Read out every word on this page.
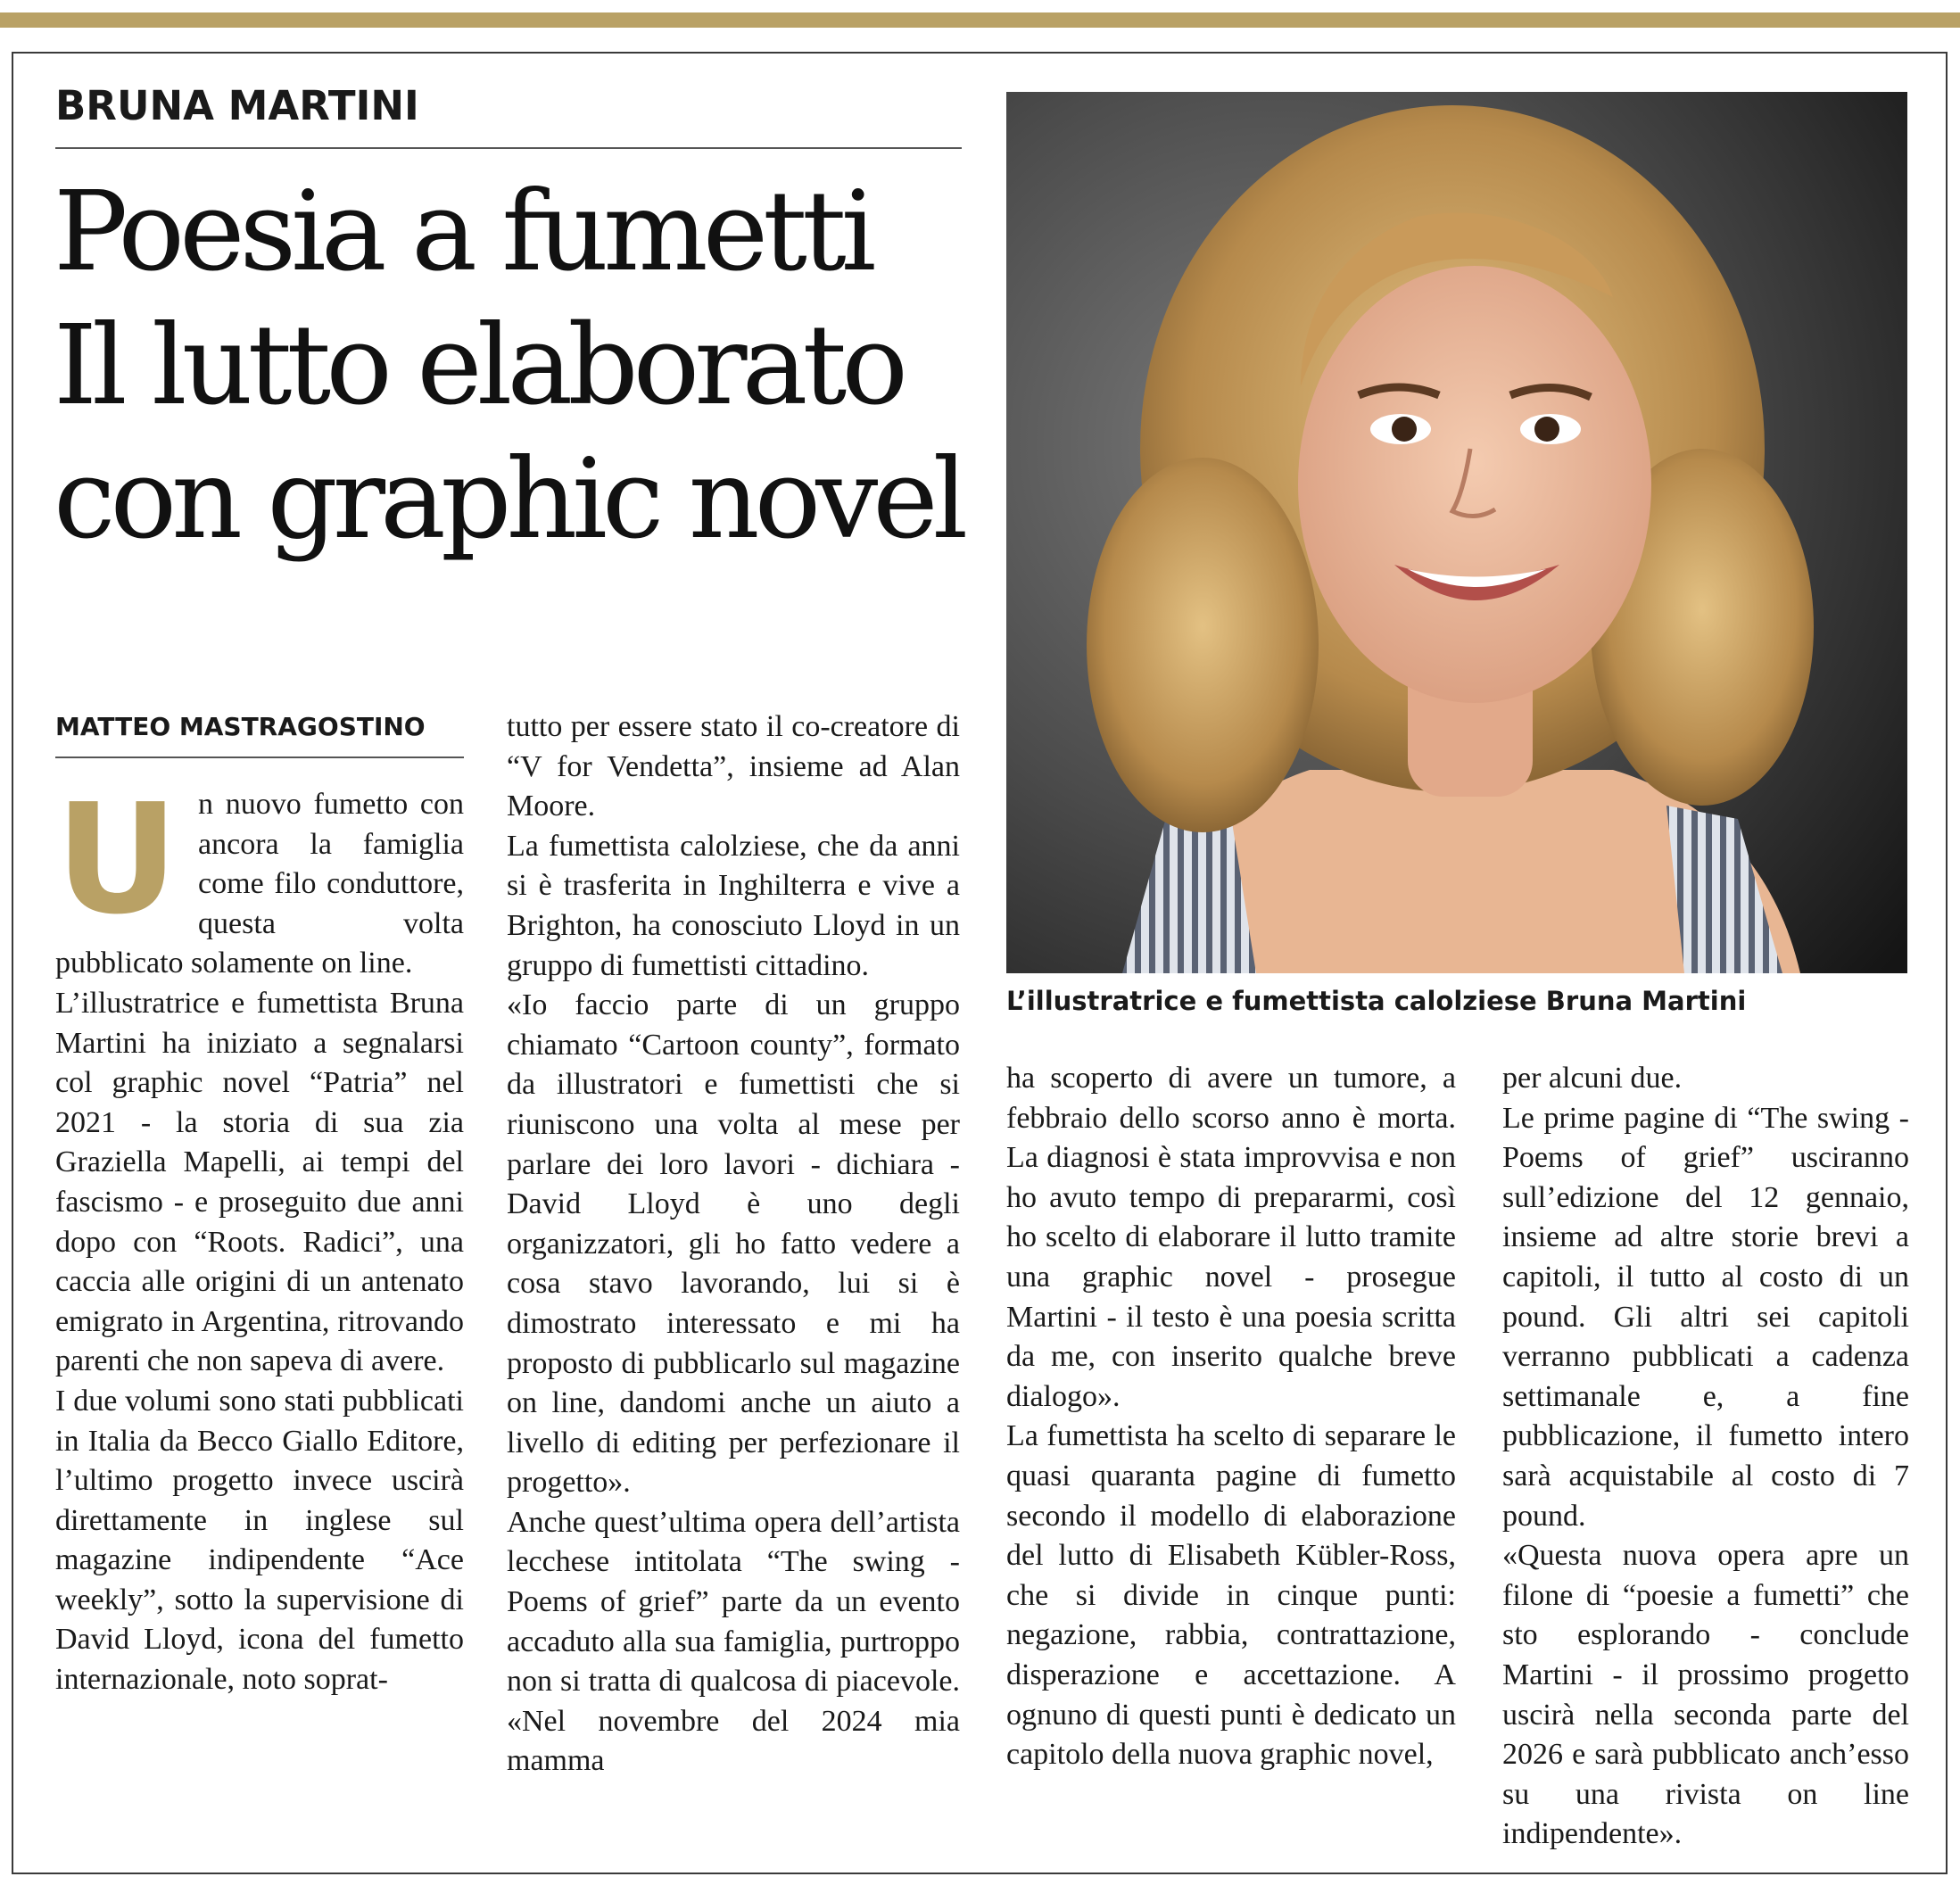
BRUNA MARTINI
Poesia a fumetti
Il lutto elaborato
con graphic novel
MATTEO MASTRAGOSTINO
L’illustratrice e fumettista calolziese Bruna Martini
U n nuovo fumetto con ancora la famiglia come filo conduttore, questa volta pubblicato solamente on line.

L’illustratrice e fumettista Bruna Martini ha iniziato a segnalarsi col graphic novel “Patria” nel 2021 - la storia di sua zia Graziella Mapelli, ai tempi del fascismo - e proseguito due anni dopo con “Roots. Radici”, una caccia alle origini di un antenato emigrato in Argentina, ritrovando parenti che non sapeva di avere.

I due volumi sono stati pubblicati in Italia da Becco Giallo Editore, l’ultimo progetto invece uscirà direttamente in inglese sul magazine indipendente “Ace weekly”, sotto la supervisione di David Lloyd, icona del fumetto internazionale, noto soprat-

tutto per essere stato il co-creatore di “V for Vendetta”, insieme ad Alan Moore.

La fumettista calolziese, che da anni si è trasferita in Inghilterra e vive a Brighton, ha conosciuto Lloyd in un gruppo di fumettisti cittadino.

«Io faccio parte di un gruppo chiamato “Cartoon county”, formato da illustratori e fumettisti che si riuniscono una volta al mese per parlare dei loro lavori - dichiara - David Lloyd è uno degli organizzatori, gli ho fatto vedere a cosa stavo lavorando, lui si è dimostrato interessato e mi ha proposto di pubblicarlo sul magazine on line, dandomi anche un aiuto a livello di editing per perfezionare il progetto».

Anche quest’ultima opera dell’artista lecchese intitolata “The swing - Poems of grief” parte da un evento accaduto alla sua famiglia, purtroppo non si tratta di qualcosa di piacevole. «Nel novembre del 2024 mia mamma

ha scoperto di avere un tumore, a febbraio dello scorso anno è morta. La diagnosi è stata improvvisa e non ho avuto tempo di prepararmi, così ho scelto di elaborare il lutto tramite una graphic novel - prosegue Martini - il testo è una poesia scritta da me, con inserito qualche breve dialogo».

La fumettista ha scelto di separare le quasi quaranta pagine di fumetto secondo il modello di elaborazione del lutto di Elisabeth Kübler-Ross, che si divide in cinque punti: negazione, rabbia, contrattazione, disperazione e accettazione. A ognuno di questi punti è dedicato un capitolo della nuova graphic novel,

per alcuni due.

Le prime pagine di “The swing - Poems of grief” usciranno sull’edizione del 12 gennaio, insieme ad altre storie brevi a capitoli, il tutto al costo di un pound. Gli altri sei capitoli verranno pubblicati a cadenza settimanale e, a fine pubblicazione, il fumetto intero sarà acquistabile al costo di 7 pound.

«Questa nuova opera apre un filone di “poesie a fumetti” che sto esplorando - conclude Martini - il prossimo progetto uscirà nella seconda parte del 2026 e sarà pubblicato anch’esso su una rivista on line indipendente».
